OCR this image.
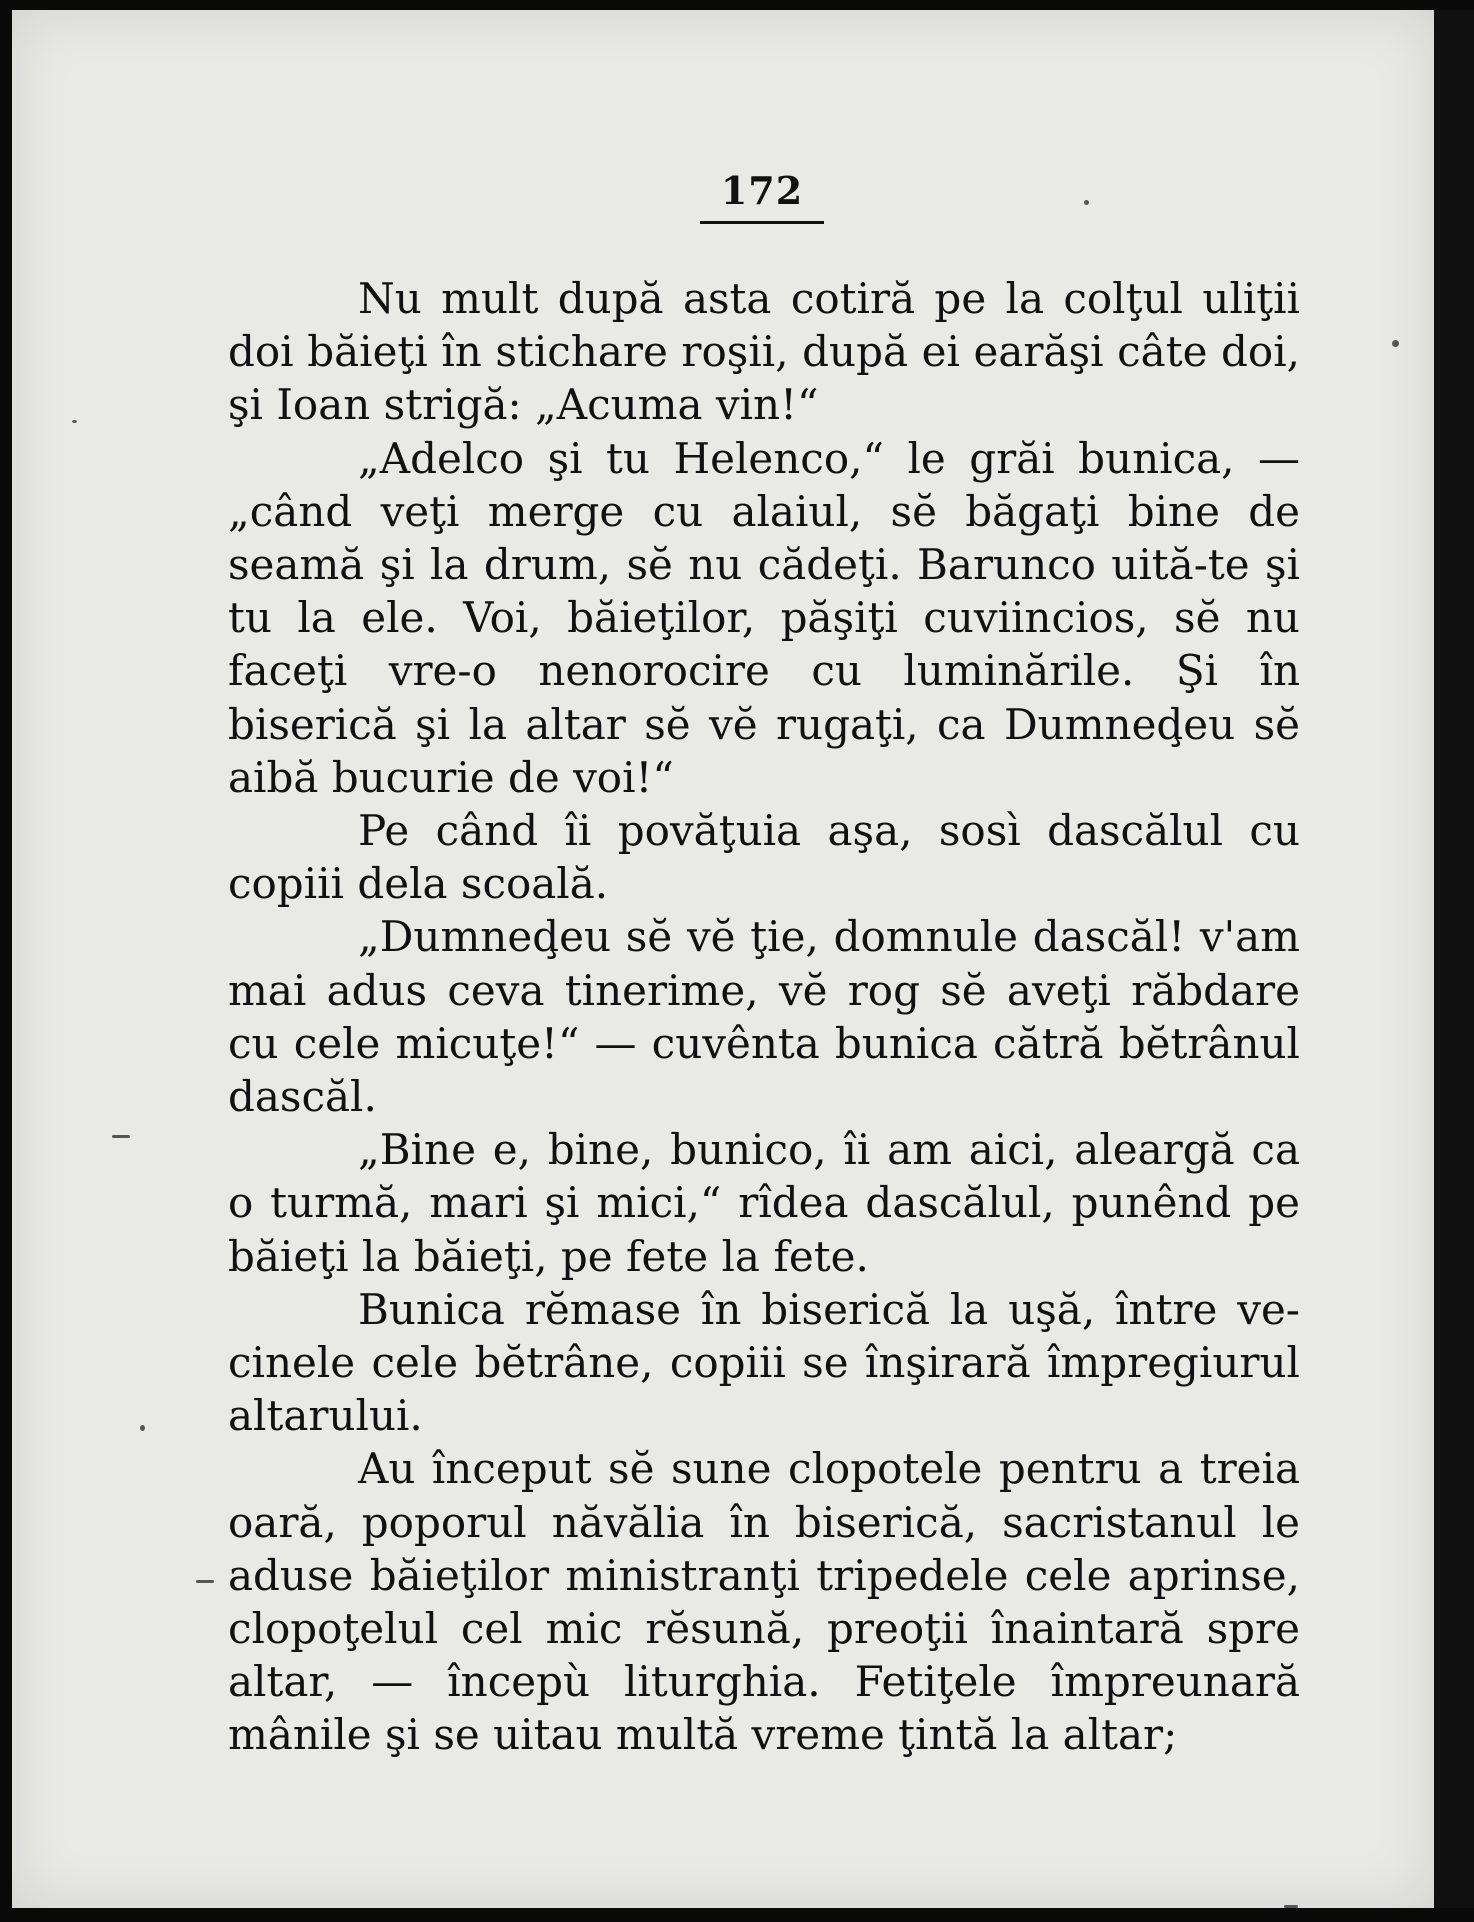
172

Nu mult după asta cotiră pe la colţul uliţii doi băieţi în stichare roşii, după ei earăşi câte doi, şi Ioan strigă: „Acuma vin!“

„Adelco şi tu Helenco,“ le grăi bunica, — „când veţi merge cu alaiul, sĕ băgaţi bine de seamă şi la drum, sĕ nu cădeţi. Barunco uită-te şi tu la ele. Voi, băieţilor, păşiţi cuviincios, sĕ nu faceţi vre-o nenorocire cu luminările. Şi în biserică şi la altar sĕ vĕ rugaţi, ca Dumneḑeu sĕ aibă bucurie de voi!“

Pe când îi povăţuia aşa, sosì dascălul cu copiii dela scoală.

„Dumneḑeu sĕ vĕ ţie, domnule dascăl! v'am mai adus ceva tinerime, vĕ rog sĕ aveţi răbdare cu cele micuţe!“ — cuvênta bunica cătră bĕtrânul dascăl.

„Bine e, bine, bunico, îi am aici, aleargă ca o turmă, mari şi mici,“ rîdea dascălul, punênd pe băieţi la băieţi, pe fete la fete.

Bunica rĕmase în biserică la uşă, între vecinele cele bĕtrâne, copiii se înşirară împregiurul altarului.

Au început sĕ sune clopotele pentru a treia oară, poporul năvălia în biserică, sacristanul le aduse băieţilor ministranţi tripedele cele aprinse, clopoţelul cel mic rĕsună, preoţii înaintară spre altar, — începù liturghia. Fetiţele împreunară mânile şi se uitau multă vreme ţintă la altar;
